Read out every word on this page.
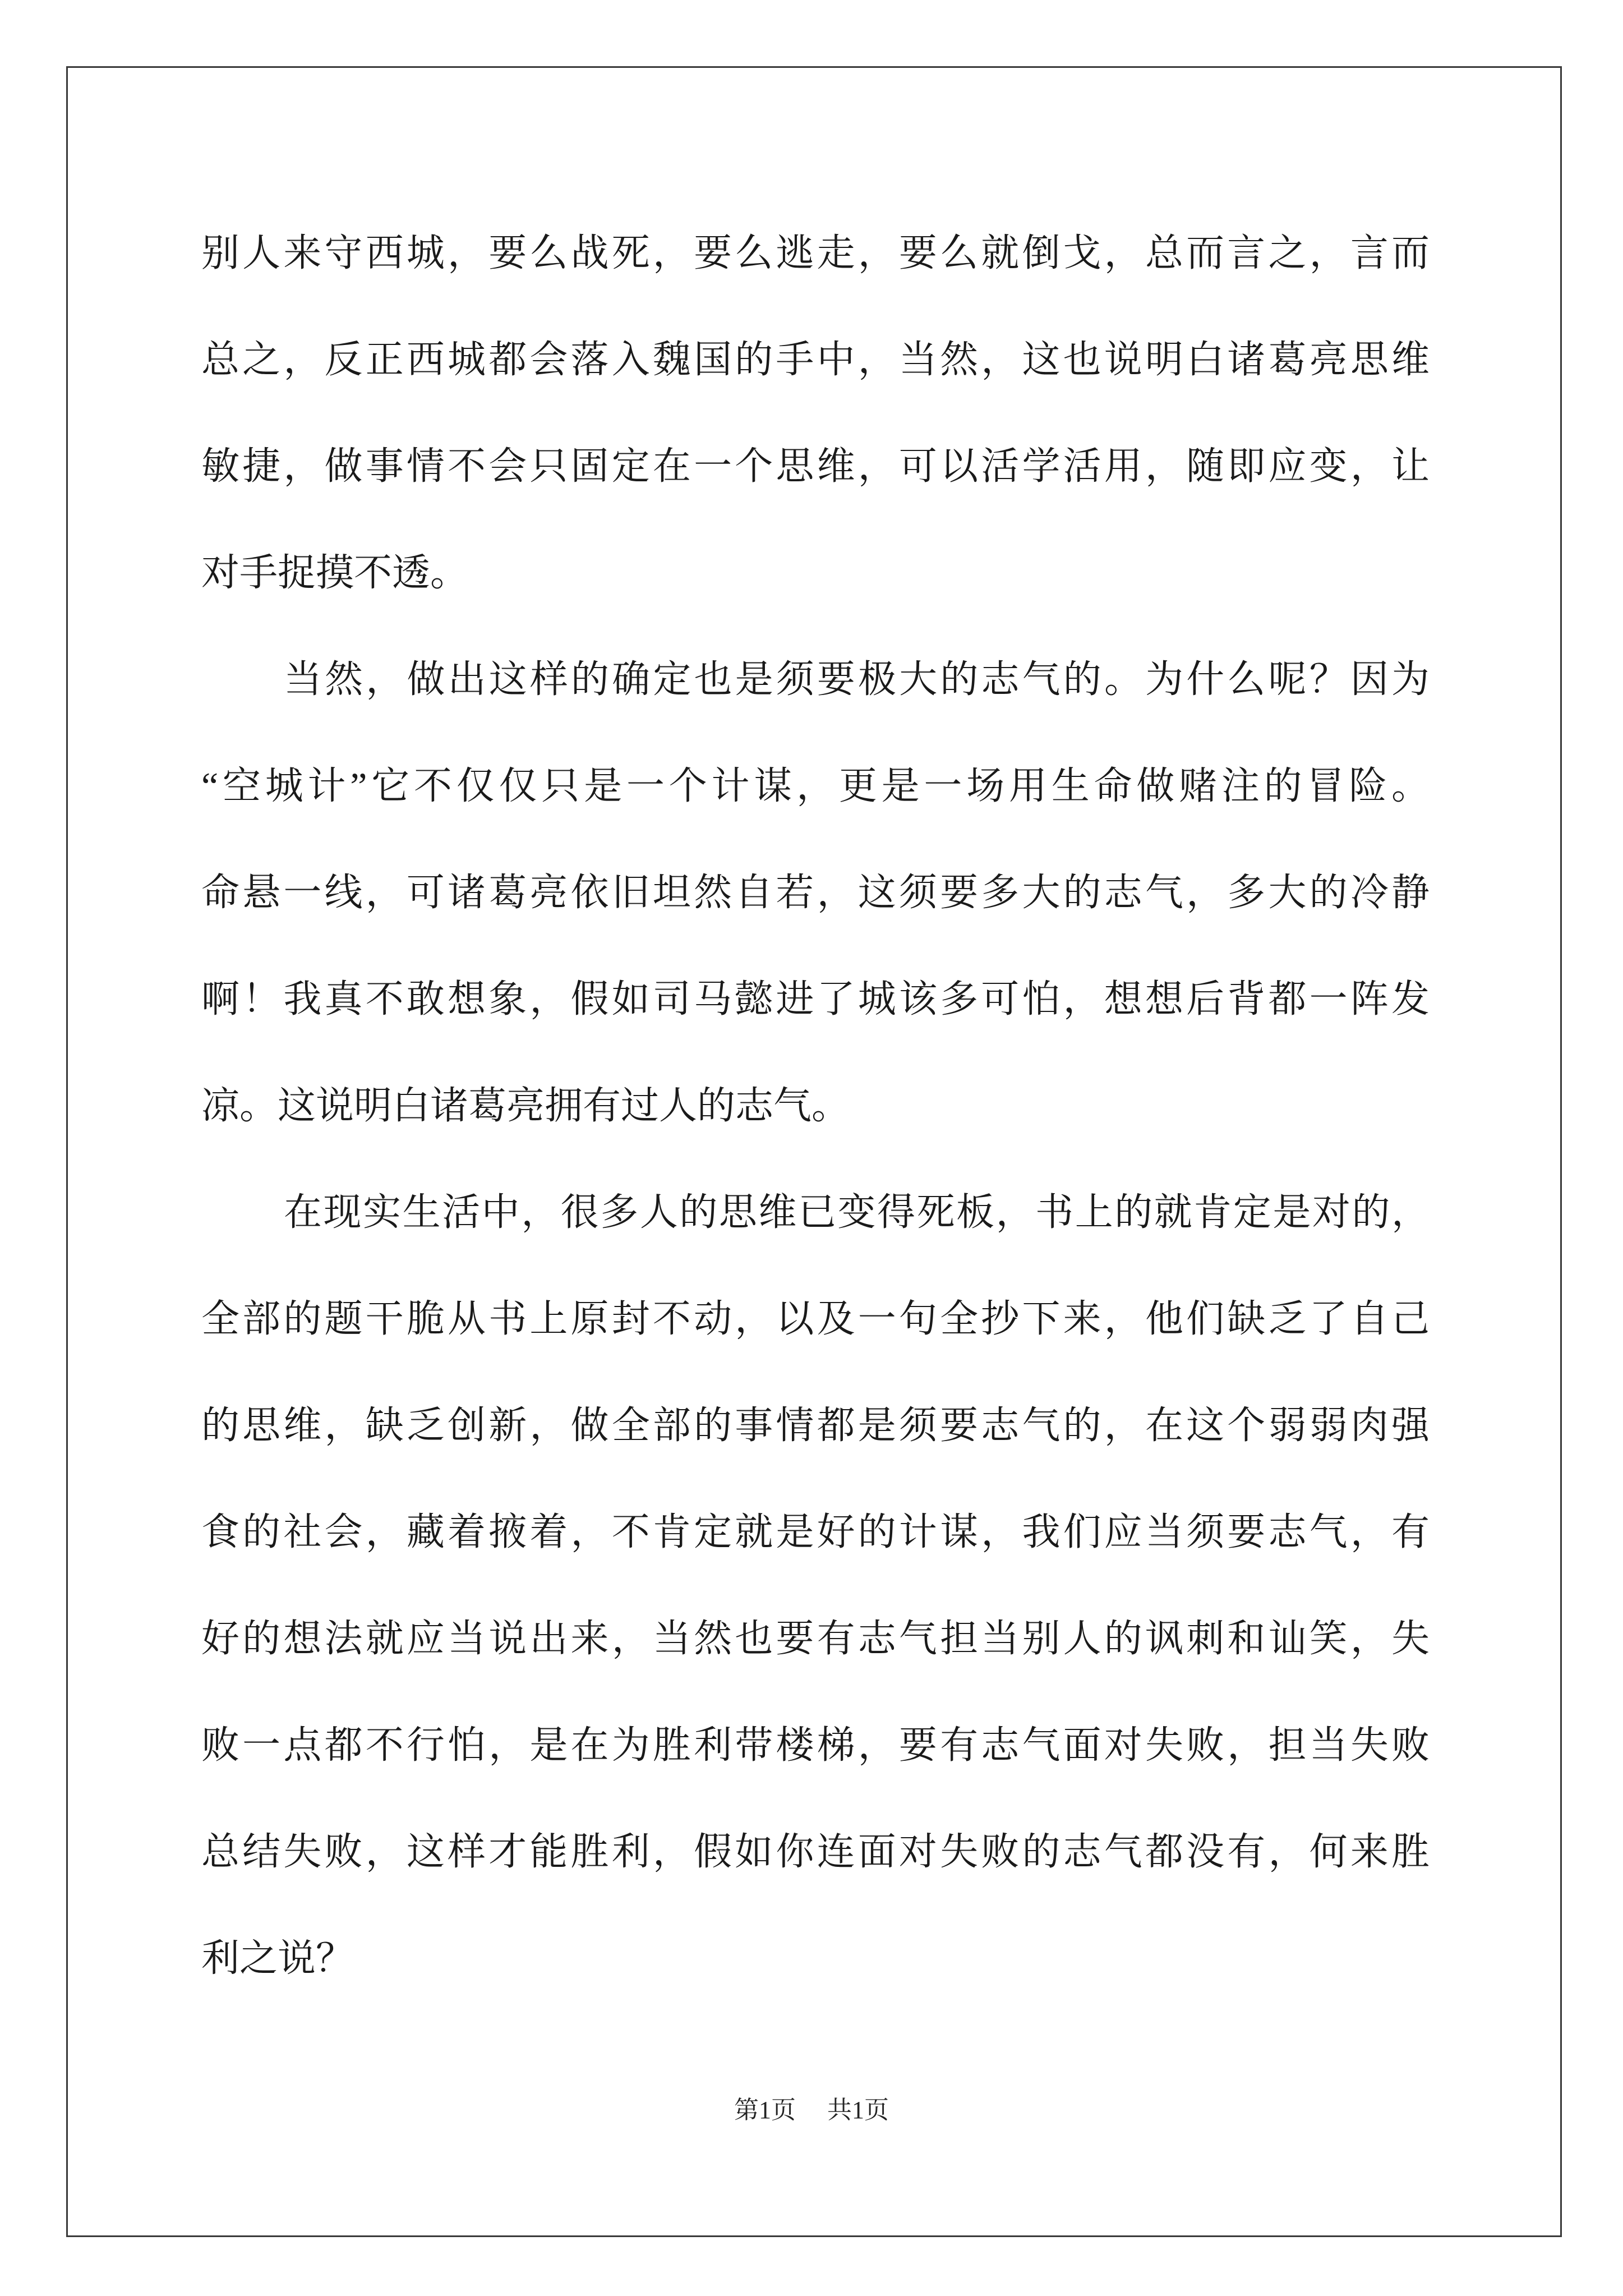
别人来守西城，要么战死，要么逃走，要么就倒戈，总而言之，言而
总之，反正西城都会落入魏国的手中，当然，这也说明白诸葛亮思维
敏捷，做事情不会只固定在一个思维，可以活学活用，随即应变，让
对手捉摸不透。
当然，做出这样的确定也是须要极大的志气的。为什么呢？因为
“空城计”它不仅仅只是一个计谋，更是一场用生命做赌注的冒险。
命悬一线，可诸葛亮依旧坦然自若，这须要多大的志气，多大的冷静
啊！我真不敢想象，假如司马懿进了城该多可怕，想想后背都一阵发
凉。这说明白诸葛亮拥有过人的志气。
在现实生活中，很多人的思维已变得死板，书上的就肯定是对的，
全部的题干脆从书上原封不动，以及一句全抄下来，他们缺乏了自己
的思维，缺乏创新，做全部的事情都是须要志气的，在这个弱弱肉强
食的社会，藏着掖着，不肯定就是好的计谋，我们应当须要志气，有
好的想法就应当说出来，当然也要有志气担当别人的讽刺和讪笑，失
败一点都不行怕，是在为胜利带楼梯，要有志气面对失败，担当失败
总结失败，这样才能胜利，假如你连面对失败的志气都没有，何来胜
利之说？
第1页 共1页
